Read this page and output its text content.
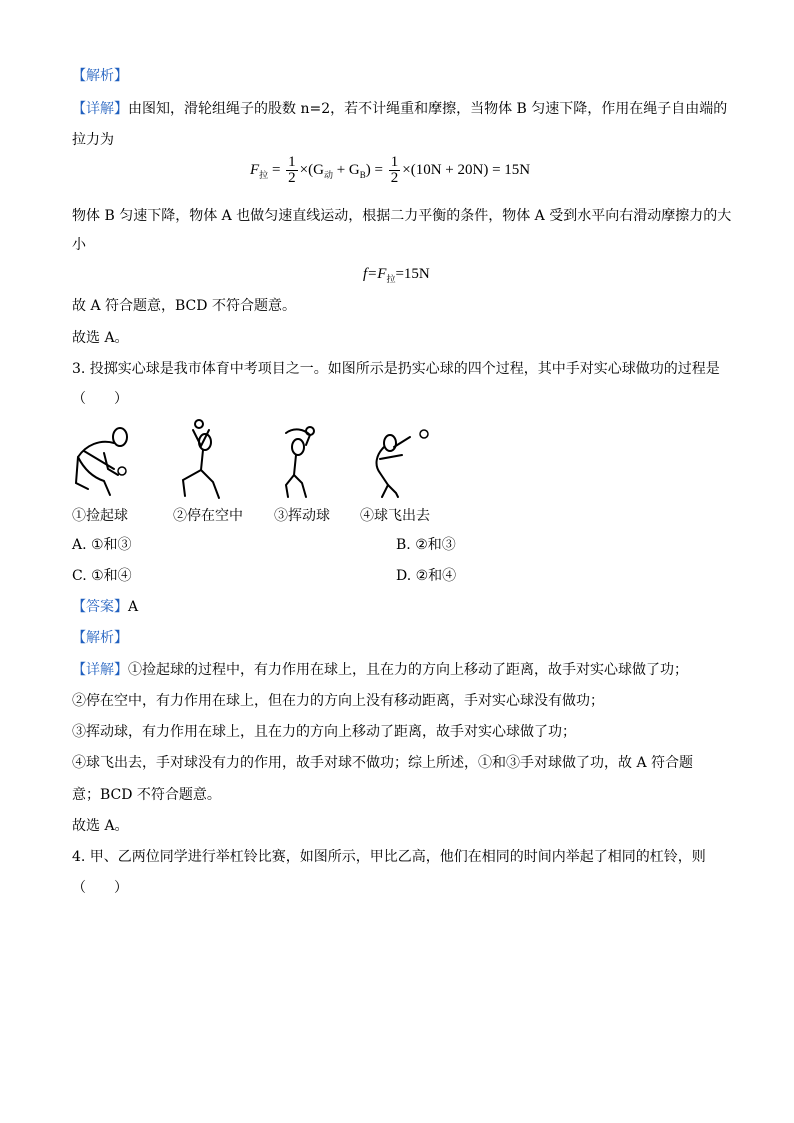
【解析】
【详解】由图知，滑轮组绳子的股数 n=2，若不计绳重和摩擦，当物体 B 匀速下降，作用在绳子自由端的
拉力为
$F_拉 = \frac{1}{2} \times(G_动 + G_B) = \frac{1}{2} \times(10N + 20N) = 15N$
物体 B 匀速下降，物体 A 也做匀速直线运动，根据二力平衡的条件，物体 A 受到水平向右滑动摩擦力的大
小
$f=F_拉=15N$
故 A 符合题意，BCD 不符合题意。
故选 A。
3. 投掷实心球是我市体育中考项目之一。如图所示是扔实心球的四个过程，其中手对实心球做功的过程是
（　　）
①捡起球	②停在空中 ③挥动球 ④球飞出去
A. ①和③	B. ②和③
C. ①和④	D. ②和④
【答案】A
【解析】
【详解】①捡起球的过程中，有力作用在球上，且在力的方向上移动了距离，故手对实心球做了功；
②停在空中，有力作用在球上，但在力的方向上没有移动距离，手对实心球没有做功；
③挥动球，有力作用在球上，且在力的方向上移动了距离，故手对实心球做了功；
④球飞出去，手对球没有力的作用，故手对球不做功；综上所述，①和③手对球做了功，故 A 符合题
意；BCD 不符合题意。
故选 A。
4. 甲、乙两位同学进行举杠铃比赛，如图所示，甲比乙高，他们在相同的时间内举起了相同的杠铃，则
（　　）
